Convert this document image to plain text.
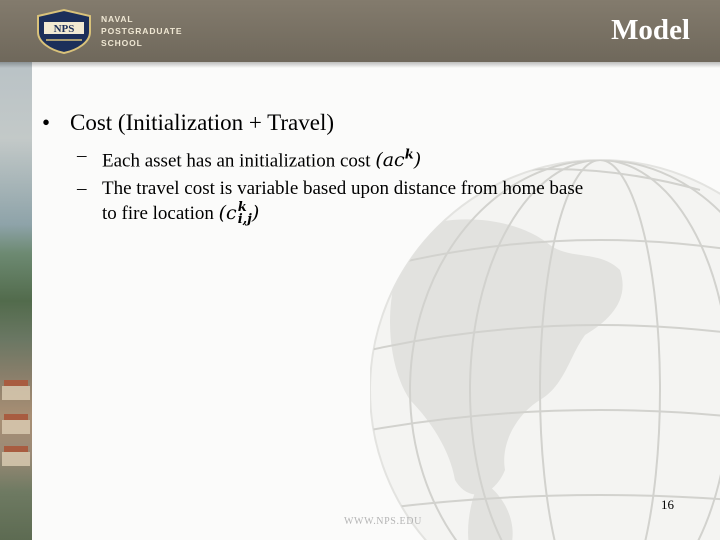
NPS
NAVAL
POSTGRADUATE
SCHOOL	Model
• Cost (Initialization + Travel)
– Each asset has an initialization cost $(ac^k)$
– The travel cost is variable based upon distance from home base
to fire location (c k
i,j )
WWW.NPS.EDU
16
